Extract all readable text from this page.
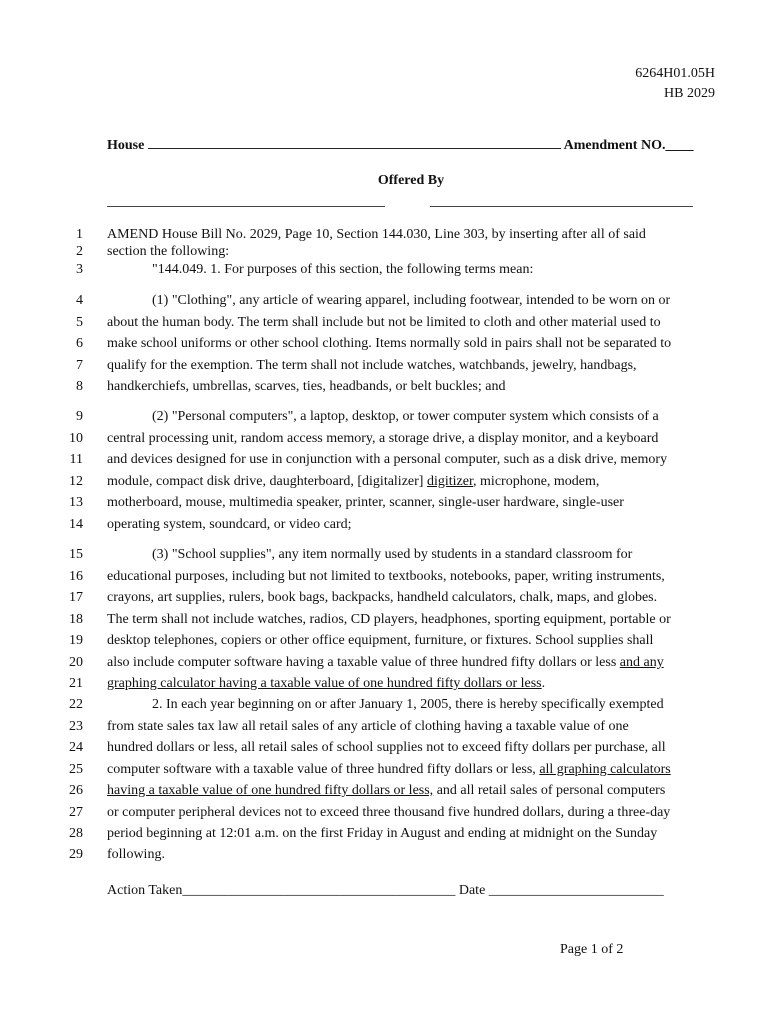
6264H01.05H
HB 2029
House	Amendment NO.____
Offered By
1 AMEND House Bill No. 2029, Page 10, Section 144.030, Line 303, by inserting after all of said
2 section the following:
3	"144.049. 1. For purposes of this section, the following terms mean:
4	(1) "Clothing", any article of wearing apparel, including footwear, intended to be worn on or
5 about the human body. The term shall include but not be limited to cloth and other material used to
6 make school uniforms or other school clothing. Items normally sold in pairs shall not be separated to
7 qualify for the exemption. The term shall not include watches, watchbands, jewelry, handbags,
8 handkerchiefs, umbrellas, scarves, ties, headbands, or belt buckles; and
9	(2) "Personal computers", a laptop, desktop, or tower computer system which consists of a
10 central processing unit, random access memory, a storage drive, a display monitor, and a keyboard
11 and devices designed for use in conjunction with a personal computer, such as a disk drive, memory
12 module, compact disk drive, daughterboard, [digitalizer] digitizer, microphone, modem,
13 motherboard, mouse, multimedia speaker, printer, scanner, single-user hardware, single-user
14 operating system, soundcard, or video card;
15	(3) "School supplies", any item normally used by students in a standard classroom for
16 educational purposes, including but not limited to textbooks, notebooks, paper, writing instruments,
17 crayons, art supplies, rulers, book bags, backpacks, handheld calculators, chalk, maps, and globes.
18 The term shall not include watches, radios, CD players, headphones, sporting equipment, portable or
19 desktop telephones, copiers or other office equipment, furniture, or fixtures. School supplies shall
20 also include computer software having a taxable value of three hundred fifty dollars or less and any
21 graphing calculator having a taxable value of one hundred fifty dollars or less.
22	2. In each year beginning on or after January 1, 2005, there is hereby specifically exempted
23 from state sales tax law all retail sales of any article of clothing having a taxable value of one
24 hundred dollars or less, all retail sales of school supplies not to exceed fifty dollars per purchase, all
25 computer software with a taxable value of three hundred fifty dollars or less, all graphing calculators
26 having a taxable value of one hundred fifty dollars or less, and all retail sales of personal computers
27 or computer peripheral devices not to exceed three thousand five hundred dollars, during a three-day
28 period beginning at 12:01 a.m. on the first Friday in August and ending at midnight on the Sunday
29 following.
Action Taken_______________________________________ Date _________________________
Page 1 of 2
